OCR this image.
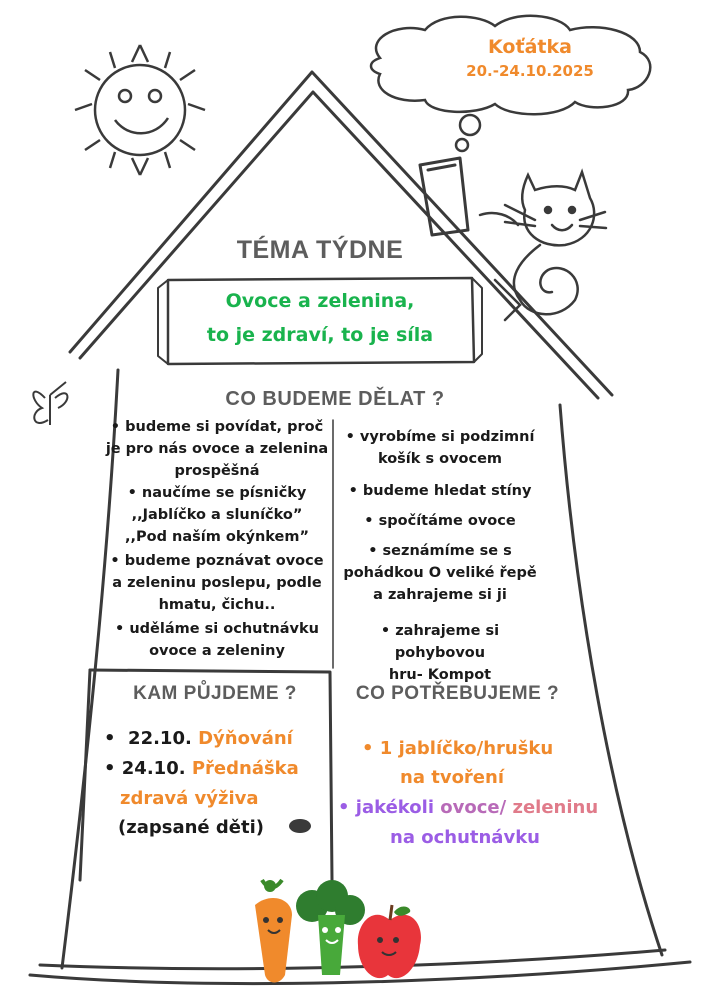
Koťátka
20.-24.10.2025
TÉMA TÝDNE
Ovoce a zelenina,
to je zdraví, to je síla
CO BUDEME DĚLAT ?
• budeme si povídat, proč
je pro nás ovoce a zelenina
prospěšná
• naučíme se písničky
,,Jablíčko a sluníčko”
,,Pod naším okýnkem”
• budeme poznávat ovoce
a zeleninu poslepu, podle
hmatu, čichu..
• uděláme si ochutnávku
ovoce a zeleniny
• vyrobíme si podzimní
košík s ovocem
• budeme hledat stíny
• spočítáme ovoce
• seznámíme se s
pohádkou O veliké řepě
a zahrajeme si ji
• zahrajeme si pohybovou
hru- Kompot
KAM PŮJDEME ?
•  22.10. Dýňování
• 24.10. Přednáška
zdravá výživa
(zapsané děti)
CO POTŘEBUJEME ?
• 1 jablíčko/hrušku
na tvoření
• jakékoli ovoce/ zeleninu
na ochutnávku
